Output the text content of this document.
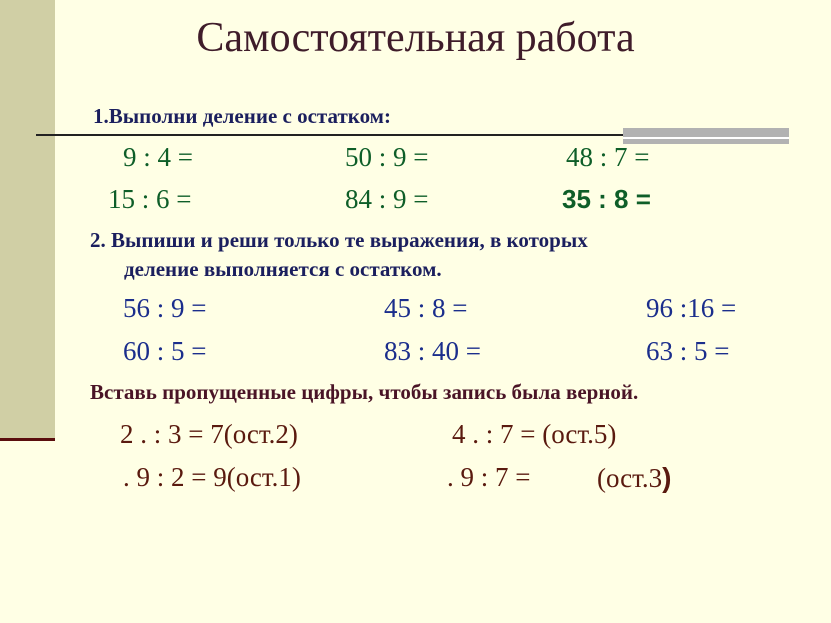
Самостоятельная работа
1.Выполни деление с остатком:
9 : 4 =	50 : 9 =	48 : 7 =
15 : 6 =	84 : 9 =	35 : 8 =
2. Выпиши и реши только те выражения, в которых
деление выполняется с остатком.
56 : 9 =	45 : 8 =	96 :16 =
60 : 5 =	83 : 40 =	63 : 5 =
Вставь пропущенные цифры, чтобы запись была верной.
2 . : 3 = 7(ост.2)	4 . : 7 = (ост.5)
. 9 : 2 = 9(ост.1)	. 9 : 7 = (ост.3)
